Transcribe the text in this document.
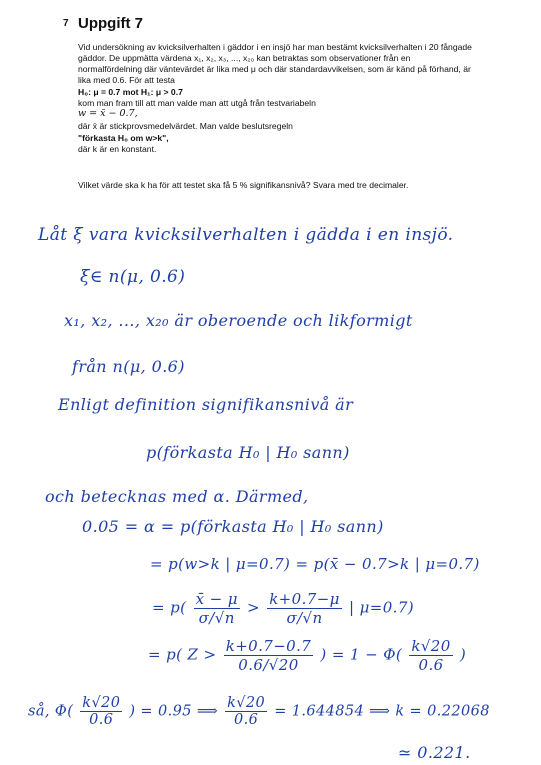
7 Uppgift 7
Vid undersökning av kvicksilverhalten i gäddor i en insjö har man bestämt kvicksilverhalten i 20 fångade
gäddor. De uppmätta värdena x₁, x₂, x₃, ..., x₂₀ kan betraktas som observationer från en
normalfördelning där väntevärdet är lika med μ och där standardavvikelsen, som är känd på förhand, är
lika med 0.6. För att testa
H₀: μ = 0.7 mot H₁: μ > 0.7
kom man fram till att man valde man att utgå från testvariabeln
w = x̄ − 0.7,
där x̄ är stickprovsmedelvärdet. Man valde beslutsregeln
"förkasta H₀ om w>k",
där k är en konstant.
Vilket värde ska k ha för att testet ska få 5 % signifikansnivå? Svara med tre decimaler.
Låt ξ vara kvicksilverhalten i gädda i en insjö.
ξ∈ n(μ, 0.6)
x₁, x₂, ..., x₂₀ är oberoende och likformigt
från n(μ, 0.6)
Enligt definition signifikansnivå är
p(förkasta H₀ | H₀ sann)
och betecknas med α. Därmed,
0.05 = α = p(förkasta H₀ | H₀ sann)
= p(w>k | μ=0.7) = p(x̄ − 0.7>k | μ=0.7)
= $p( \frac{x̄ - \mu}{\sigma/√n} > \frac{k+0.7-\mu}{\sigma/√n}$ | μ=0.7)
= p( $Z > \frac{k+0.7-0.7}{0.6/√20}$ ) = $1 - \Phi( \frac{k√20}{0.6}$ )
så, $\Phi( \frac{k√20}{0.6}$ ) = 0.95 ⟹ $\frac{k√20}{0.6} = 1.644854$ ⟹ k = 0.22068
≃ 0.221.
